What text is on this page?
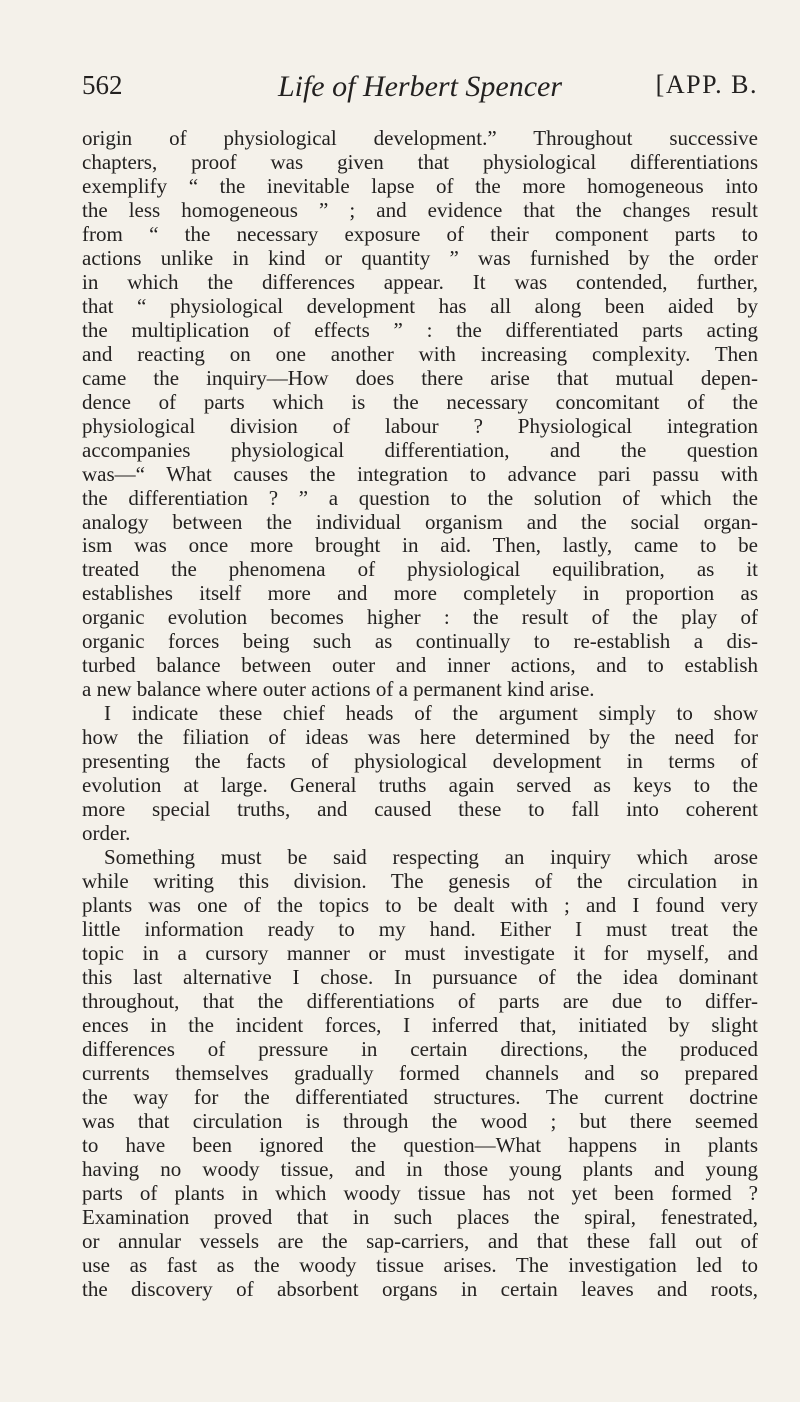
562	Life of Herbert Spencer	[APP. B.
origin of physiological development.” Throughout successive
chapters, proof was given that physiological differentiations
exemplify “ the inevitable lapse of the more homogeneous into
the less homogeneous ” ; and evidence that the changes result
from “ the necessary exposure of their component parts to
actions unlike in kind or quantity ” was furnished by the order
in which the differences appear. It was contended, further,
that “ physiological development has all along been aided by
the multiplication of effects ” : the differentiated parts acting
and reacting on one another with increasing complexity. Then
came the inquiry—How does there arise that mutual depen-
dence of parts which is the necessary concomitant of the
physiological division of labour ? Physiological integration
accompanies physiological differentiation, and the question
was—“ What causes the integration to advance pari passu with
the differentiation ? ” a question to the solution of which the
analogy between the individual organism and the social organ-
ism was once more brought in aid. Then, lastly, came to be
treated the phenomena of physiological equilibration, as it
establishes itself more and more completely in proportion as
organic evolution becomes higher : the result of the play of
organic forces being such as continually to re-establish a dis-
turbed balance between outer and inner actions, and to establish
a new balance where outer actions of a permanent kind arise.
I indicate these chief heads of the argument simply to show
how the filiation of ideas was here determined by the need for
presenting the facts of physiological development in terms of
evolution at large. General truths again served as keys to the
more special truths, and caused these to fall into coherent
order.
Something must be said respecting an inquiry which arose
while writing this division. The genesis of the circulation in
plants was one of the topics to be dealt with ; and I found very
little information ready to my hand. Either I must treat the
topic in a cursory manner or must investigate it for myself, and
this last alternative I chose. In pursuance of the idea dominant
throughout, that the differentiations of parts are due to differ-
ences in the incident forces, I inferred that, initiated by slight
differences of pressure in certain directions, the produced
currents themselves gradually formed channels and so prepared
the way for the differentiated structures. The current doctrine
was that circulation is through the wood ; but there seemed
to have been ignored the question—What happens in plants
having no woody tissue, and in those young plants and young
parts of plants in which woody tissue has not yet been formed ?
Examination proved that in such places the spiral, fenestrated,
or annular vessels are the sap-carriers, and that these fall out of
use as fast as the woody tissue arises. The investigation led to
the discovery of absorbent organs in certain leaves and roots,
